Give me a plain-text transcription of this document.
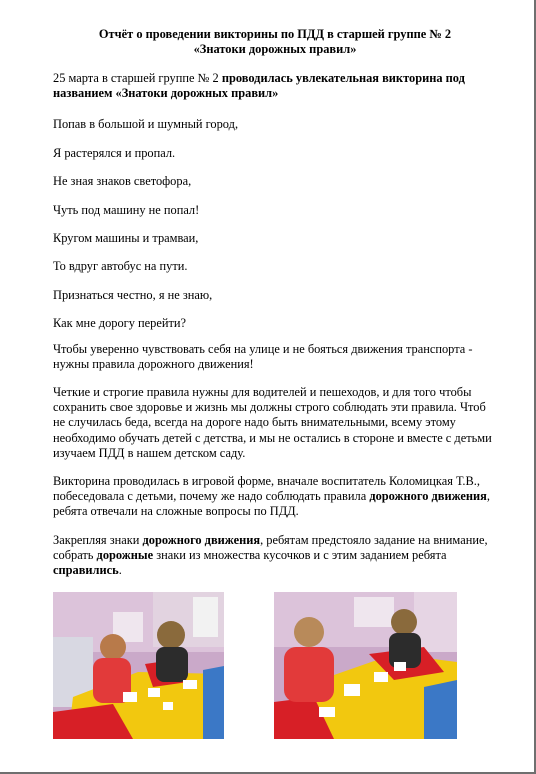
Отчёт о проведении викторины по ПДД в старшей группе № 2
«Знатоки дорожных правил»
25 марта в старшей группе № 2 проводилась увлекательная викторина под названием «Знатоки дорожных правил»
Попав в большой и шумный город,
Я растерялся и пропал.
Не зная знаков светофора,
Чуть под машину не попал!
Кругом машины и трамваи,
То вдруг автобус на пути.
Признаться честно, я не знаю,
Как мне дорогу перейти?
Чтобы уверенно чувствовать себя на улице и не бояться движения транспорта - нужны правила дорожного движения!
Четкие и строгие правила нужны для водителей и пешеходов, и для того чтобы сохранить свое здоровье и жизнь мы должны строго соблюдать эти правила. Чтоб не случилась беда, всегда на дороге надо быть внимательными, всему этому необходимо обучать детей с детства, и мы не остались в стороне и вместе с детьми изучаем ПДД в нашем детском саду.
Викторина проводилась в игровой форме, вначале воспитатель Коломицкая Т.В., побеседовала с детьми, почему же надо соблюдать правила дорожного движения, ребята отвечали на сложные вопросы по ПДД.
Закрепляя знаки дорожного движения, ребятам предстояло задание на внимание, собрать дорожные знаки из множества кусочков и с этим заданием ребята справились.
